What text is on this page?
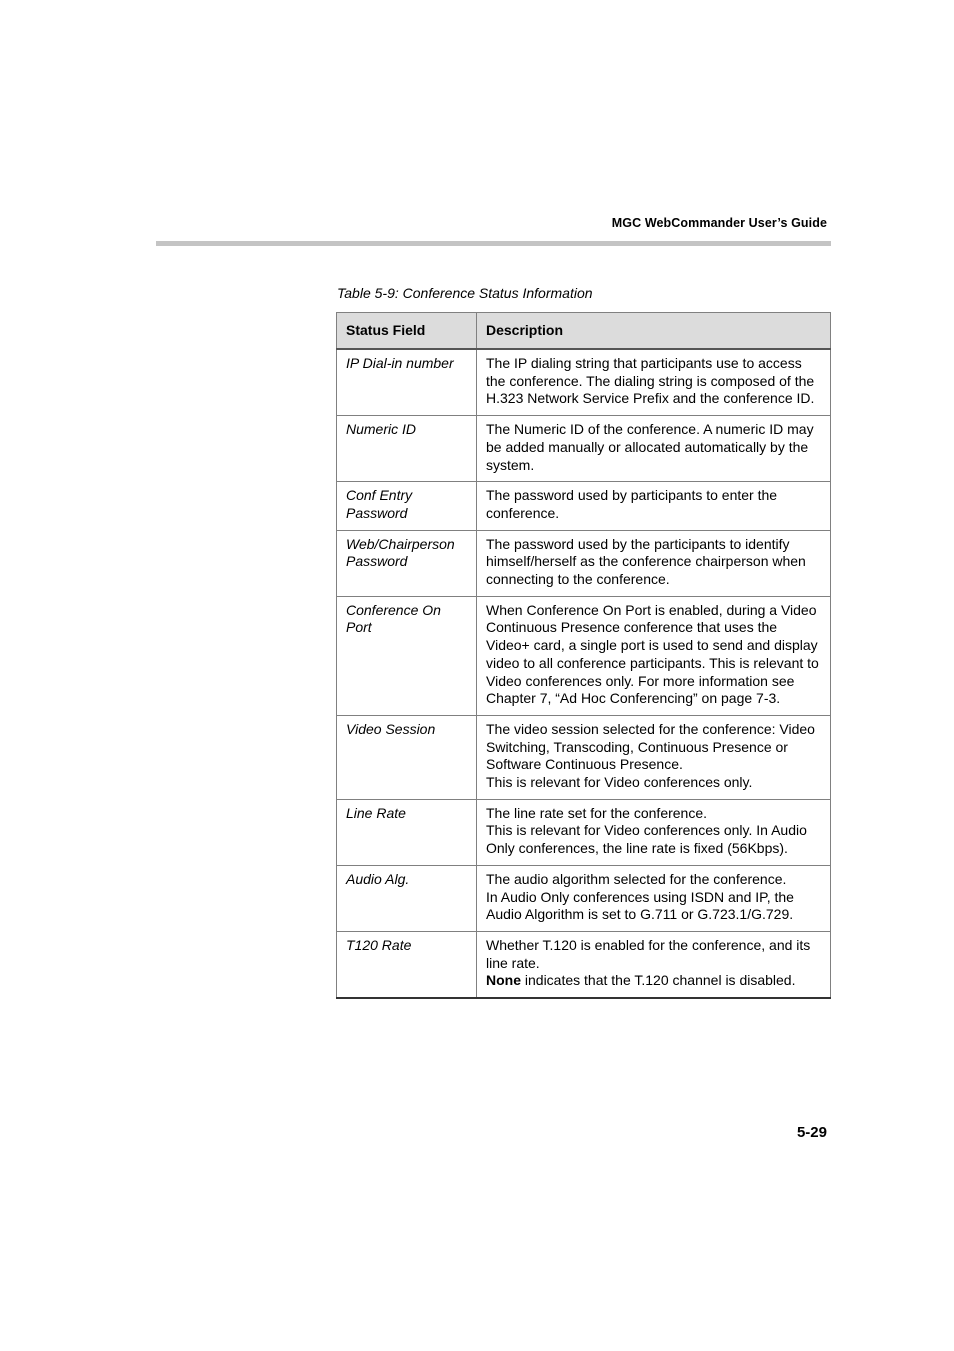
MGC WebCommander User’s Guide
Table 5-9: Conference Status Information
Status Field	Description
IP Dial-in number	The IP dialing string that participants use to access the conference. The dialing string is composed of the H.323 Network Service Prefix and the conference ID.

Numeric ID	The Numeric ID of the conference. A numeric ID may be added manually or allocated automatically by the system.

Conf Entry Password	The password used by participants to enter the conference.

Web/Chairperson Password	The password used by the participants to identify himself/herself as the conference chairperson when connecting to the conference.

Conference On Port	When Conference On Port is enabled, during a Video Continuous Presence conference that uses the Video+ card, a single port is used to send and display video to all conference participants. This is relevant to Video conferences only. For more information see Chapter 7, “Ad Hoc Conferencing” on page 7-3.

Video Session	The video session selected for the conference: Video Switching, Transcoding, Continuous Presence or Software Continuous Presence.
This is relevant for Video conferences only.

Line Rate	The line rate set for the conference.
This is relevant for Video conferences only. In Audio Only conferences, the line rate is fixed (56Kbps).

Audio Alg.	The audio algorithm selected for the conference.
In Audio Only conferences using ISDN and IP, the Audio Algorithm is set to G.711 or G.723.1/G.729.

T120 Rate	Whether T.120 is enabled for the conference, and its line rate.
None indicates that the T.120 channel is disabled.
5-29
